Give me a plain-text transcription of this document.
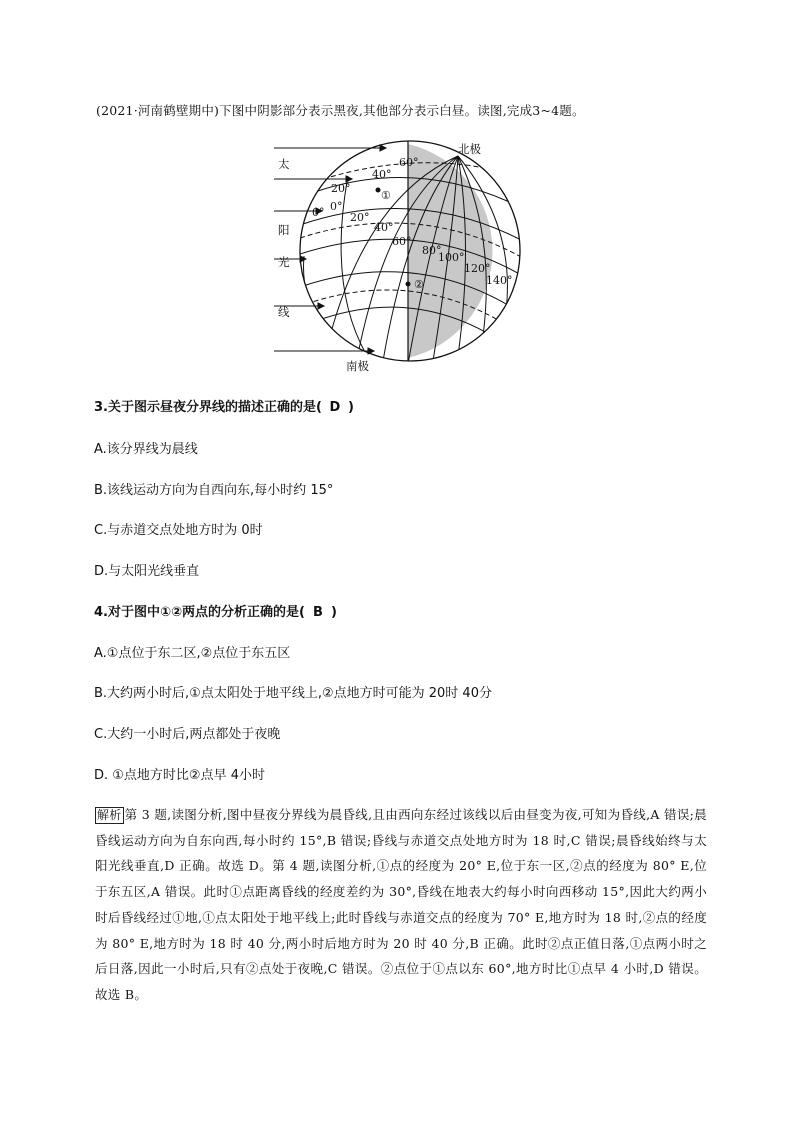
(2021·河南鹤壁期中)下图中阴影部分表示黑夜,其他部分表示白昼。读图,完成3~4题。
太
阳
光
线
北极
南极
60°
40°
20°
0° 0°
20°
40°
60°
80°
100°
120°
140°
①
②
3.关于图示昼夜分界线的描述正确的是( D )
A.该分界线为晨线
B.该线运动方向为自西向东,每小时约 15°
C.与赤道交点处地方时为 0时
D.与太阳光线垂直
4.对于图中①②两点的分析正确的是( B )
A.①点位于东二区,②点位于东五区
B.大约两小时后,①点太阳处于地平线上,②点地方时可能为 20时 40分
C.大约一小时后,两点都处于夜晚
D. ①点地方时比②点早 4小时
解析 第 3 题,读图分析,图中昼夜分界线为晨昏线,且由西向东经过该线以后由昼变为夜,可知为昏线,A 错误;晨昏线运动方向为自东向西,每小时约 15°,B 错误;昏线与赤道交点处地方时为 18 时,C 错误;晨昏线始终与太阳光线垂直,D 正确。故选 D。第 4 题,读图分析,①点的经度为 20° E,位于东一区,②点的经度为 80° E,位于东五区,A 错误。此时①点距离昏线的经度差约为 30°,昏线在地表大约每小时向西移动 15°,因此大约两小时后昏线经过①地,①点太阳处于地平线上;此时昏线与赤道交点的经度为 70° E,地方时为 18 时,②点的经度为 80° E,地方时为 18 时 40 分,两小时后地方时为 20 时 40 分,B 正确。此时②点正值日落,①点两小时之后日落,因此一小时后,只有②点处于夜晚,C 错误。②点位于①点以东 60°,地方时比①点早 4 小时,D 错误。故选 B。
